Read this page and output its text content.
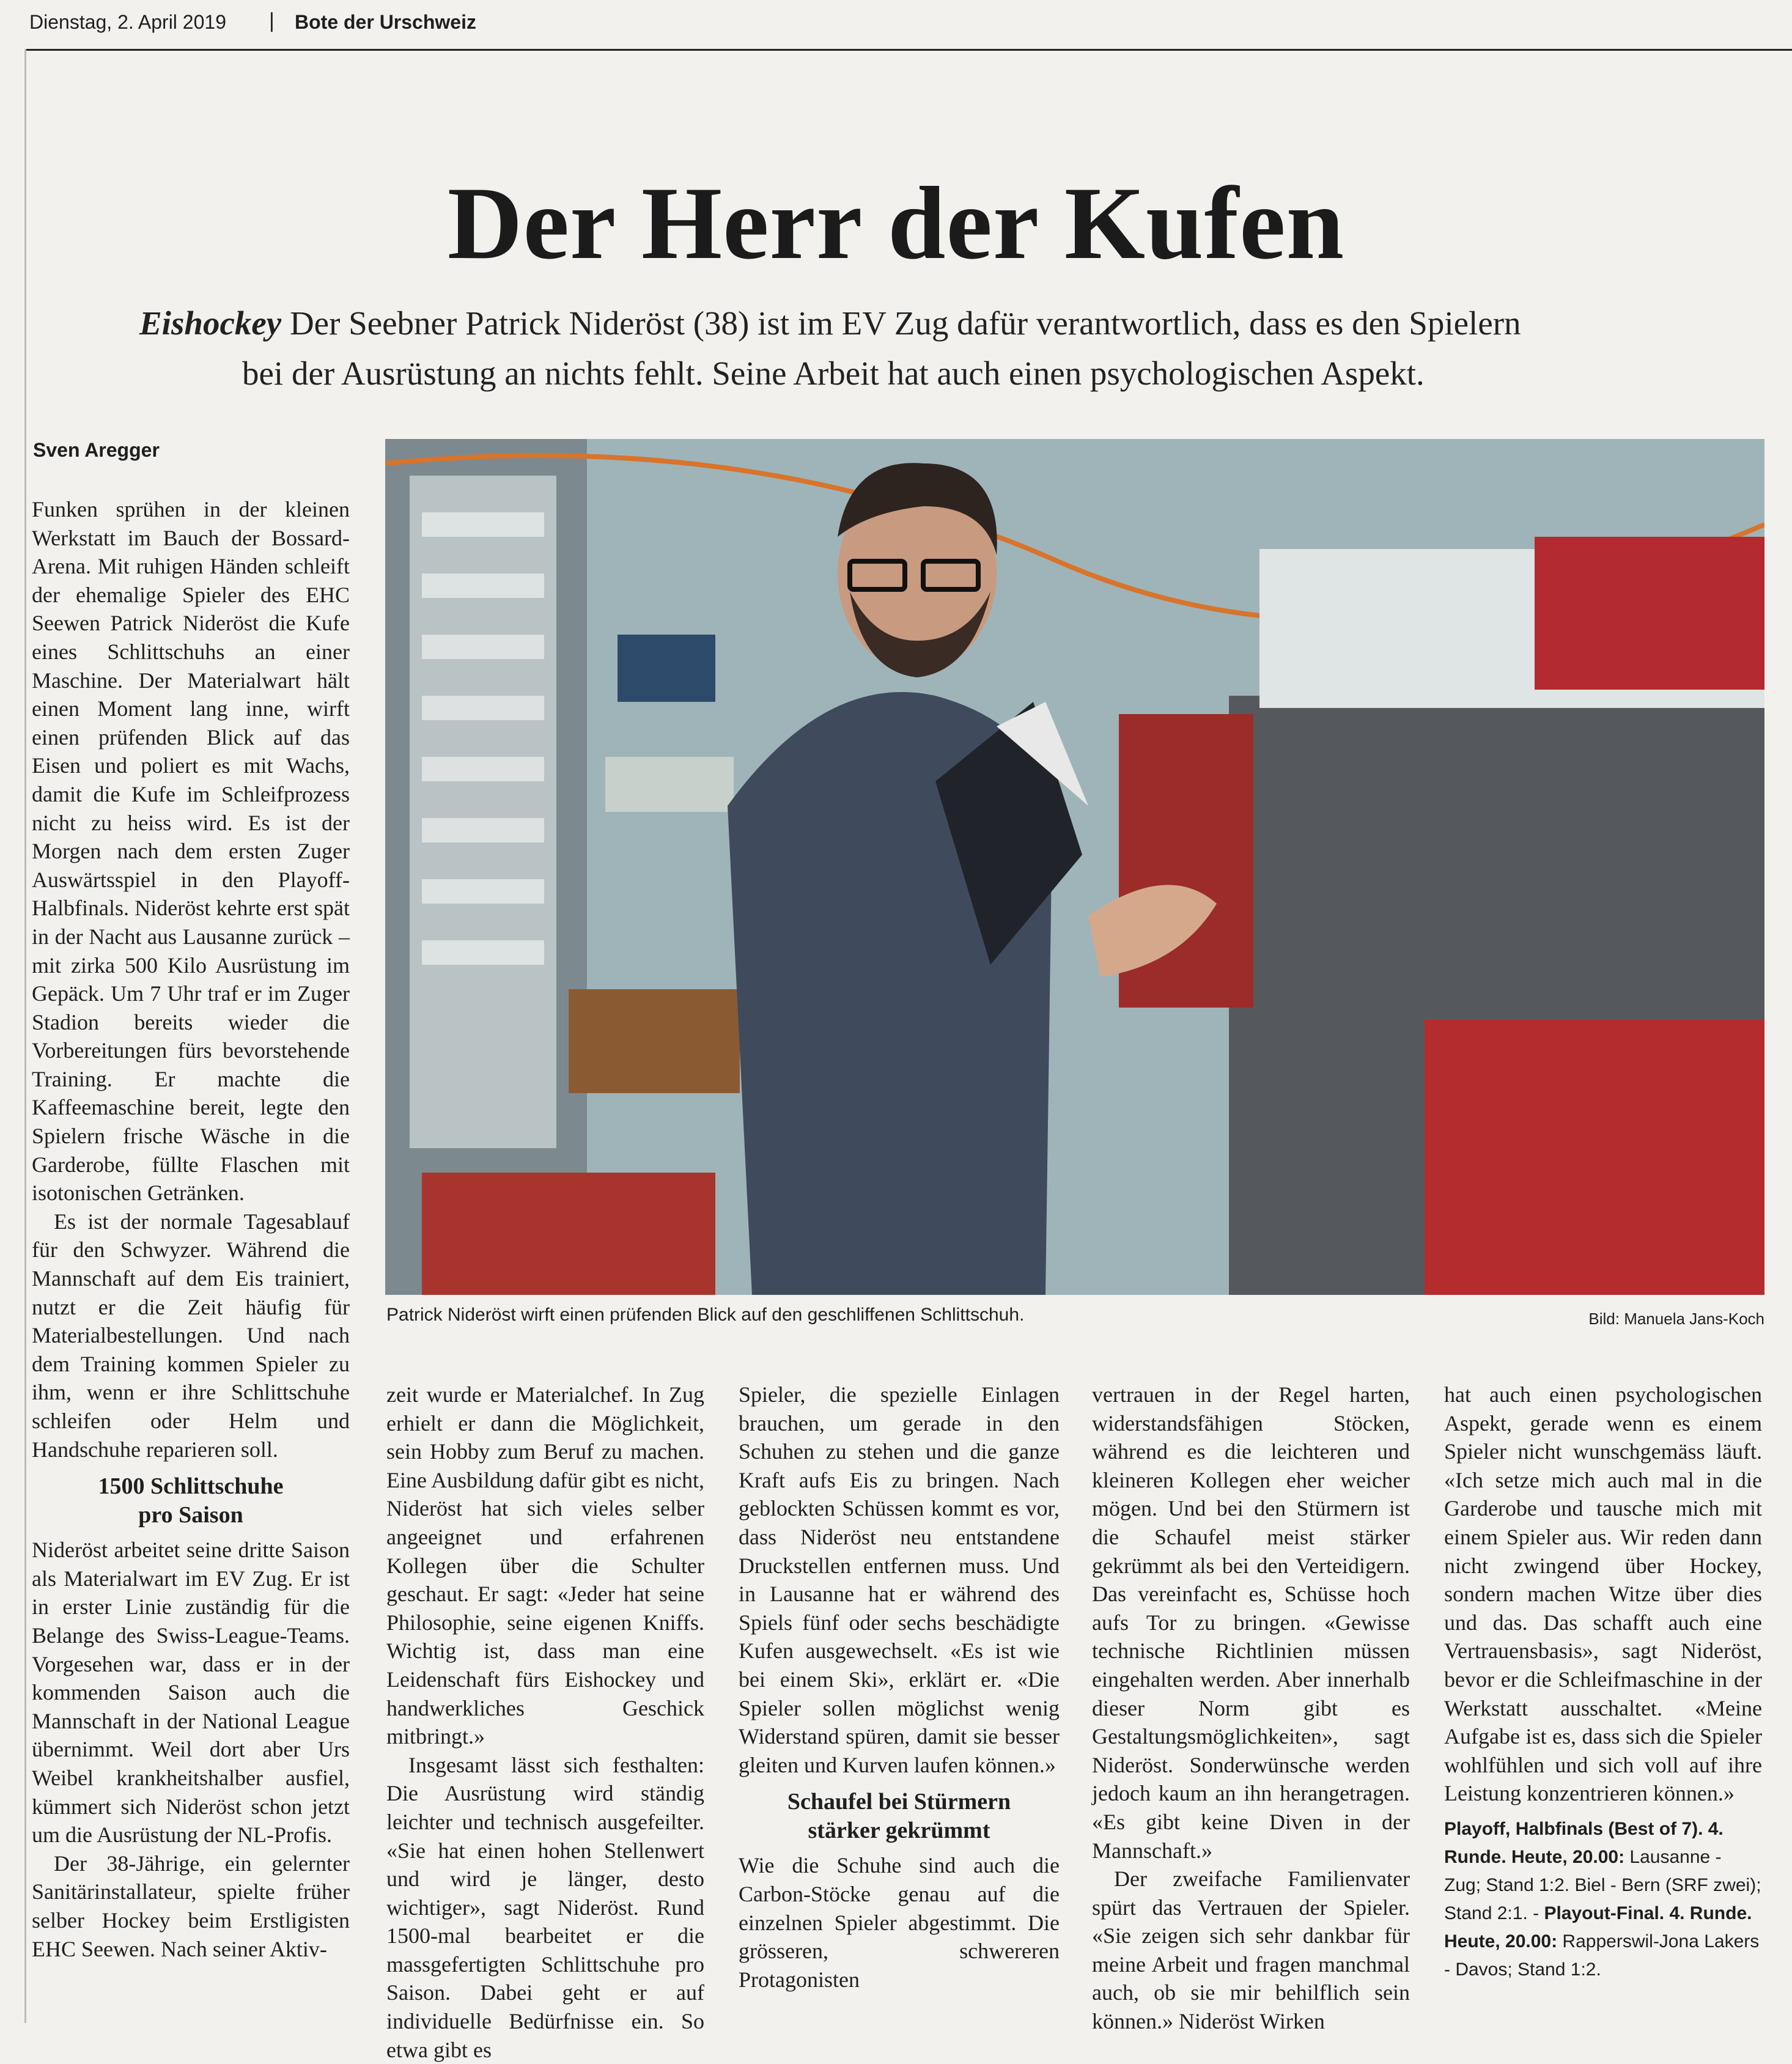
Dienstag, 2. April 2019 | Bote der Urschweiz
Der Herr der Kufen
Eishockey Der Seebner Patrick Nideröst (38) ist im EV Zug dafür verantwortlich, dass es den Spielern
bei der Ausrüstung an nichts fehlt. Seine Arbeit hat auch einen psychologischen Aspekt.
Sven Aregger
Patrick Nideröst wirft einen prüfenden Blick auf den geschliffenen Schlittschuh.	Bild: Manuela Jans-Koch

Funken sprühen in der kleinen Werkstatt im Bauch der Bossard-Arena. Mit ruhigen Händen schleift der ehemalige Spieler des EHC Seewen Patrick Nideröst die Kufe eines Schlittschuhs an einer Maschine. Der Materialwart hält einen Moment lang inne, wirft einen prüfenden Blick auf das Eisen und poliert es mit Wachs, damit die Kufe im Schleifprozess nicht zu heiss wird. Es ist der Morgen nach dem ersten Zuger Auswärtsspiel in den Playoff-Halbfinals. Nideröst kehrte erst spät in der Nacht aus Lausanne zurück – mit zirka 500 Kilo Ausrüstung im Gepäck. Um 7 Uhr traf er im Zuger Stadion bereits wieder die Vorbereitungen fürs bevorstehende Training. Er machte die Kaffeemaschine bereit, legte den Spielern frische Wäsche in die Garderobe, füllte Flaschen mit isotonischen Getränken.

Es ist der normale Tagesablauf für den Schwyzer. Während die Mannschaft auf dem Eis trainiert, nutzt er die Zeit häufig für Materialbestellungen. Und nach dem Training kommen Spieler zu ihm, wenn er ihre Schlittschuhe schleifen oder Helm und Handschuhe reparieren soll.

1500 Schlittschuhe
pro Saison

Nideröst arbeitet seine dritte Saison als Materialwart im EV Zug. Er ist in erster Linie zuständig für die Belange des Swiss-League-Teams. Vorgesehen war, dass er in der kommenden Saison auch die Mannschaft in der National League übernimmt. Weil dort aber Urs Weibel krankheitshalber ausfiel, kümmert sich Nideröst schon jetzt um die Ausrüstung der NL-Profis.

Der 38-Jährige, ein gelernter Sanitärinstallateur, spielte früher selber Hockey beim Erstligisten EHC Seewen. Nach seiner Aktiv-

zeit wurde er Materialchef. In Zug erhielt er dann die Möglichkeit, sein Hobby zum Beruf zu machen. Eine Ausbildung dafür gibt es nicht, Nideröst hat sich vieles selber angeeignet und erfahrenen Kollegen über die Schulter geschaut. Er sagt: «Jeder hat seine Philosophie, seine eigenen Kniffs. Wichtig ist, dass man eine Leidenschaft fürs Eishockey und handwerkliches Geschick mitbringt.»

Insgesamt lässt sich festhalten: Die Ausrüstung wird ständig leichter und technisch ausgefeilter. «Sie hat einen hohen Stellenwert und wird je länger, desto wichtiger», sagt Nideröst. Rund 1500-mal bearbeitet er die massgefertigten Schlittschuhe pro Saison. Dabei geht er auf individuelle Bedürfnisse ein. So etwa gibt es

Spieler, die spezielle Einlagen brauchen, um gerade in den Schuhen zu stehen und die ganze Kraft aufs Eis zu bringen. Nach geblockten Schüssen kommt es vor, dass Nideröst neu entstandene Druckstellen entfernen muss. Und in Lausanne hat er während des Spiels fünf oder sechs beschädigte Kufen ausgewechselt. «Es ist wie bei einem Ski», erklärt er. «Die Spieler sollen möglichst wenig Widerstand spüren, damit sie besser gleiten und Kurven laufen können.»

Schaufel bei Stürmern
stärker gekrümmt

Wie die Schuhe sind auch die Carbon-Stöcke genau auf die einzelnen Spieler abgestimmt. Die grösseren, schwereren Protagonisten

vertrauen in der Regel harten, widerstandsfähigen Stöcken, während es die leichteren und kleineren Kollegen eher weicher mögen. Und bei den Stürmern ist die Schaufel meist stärker gekrümmt als bei den Verteidigern. Das vereinfacht es, Schüsse hoch aufs Tor zu bringen. «Gewisse technische Richtlinien müssen eingehalten werden. Aber innerhalb dieser Norm gibt es Gestaltungsmöglichkeiten», sagt Nideröst. Sonderwünsche werden jedoch kaum an ihn herangetragen. «Es gibt keine Diven in der Mannschaft.»

Der zweifache Familienvater spürt das Vertrauen der Spieler. «Sie zeigen sich sehr dankbar für meine Arbeit und fragen manchmal auch, ob sie mir behilflich sein können.» Nideröst Wirken

hat auch einen psychologischen Aspekt, gerade wenn es einem Spieler nicht wunschgemäss läuft. «Ich setze mich auch mal in die Garderobe und tausche mich mit einem Spieler aus. Wir reden dann nicht zwingend über Hockey, sondern machen Witze über dies und das. Das schafft auch eine Vertrauensbasis», sagt Nideröst, bevor er die Schleifmaschine in der Werkstatt ausschaltet. «Meine Aufgabe ist es, dass sich die Spieler wohlfühlen und sich voll auf ihre Leistung konzentrieren können.»

Playoff, Halbfinals (Best of 7). 4. Runde. Heute, 20.00: Lausanne - Zug; Stand 1:2. Biel - Bern (SRF zwei); Stand 2:1. - Playout-Final. 4. Runde. Heute, 20.00: Rapperswil-Jona Lakers - Davos; Stand 1:2.
